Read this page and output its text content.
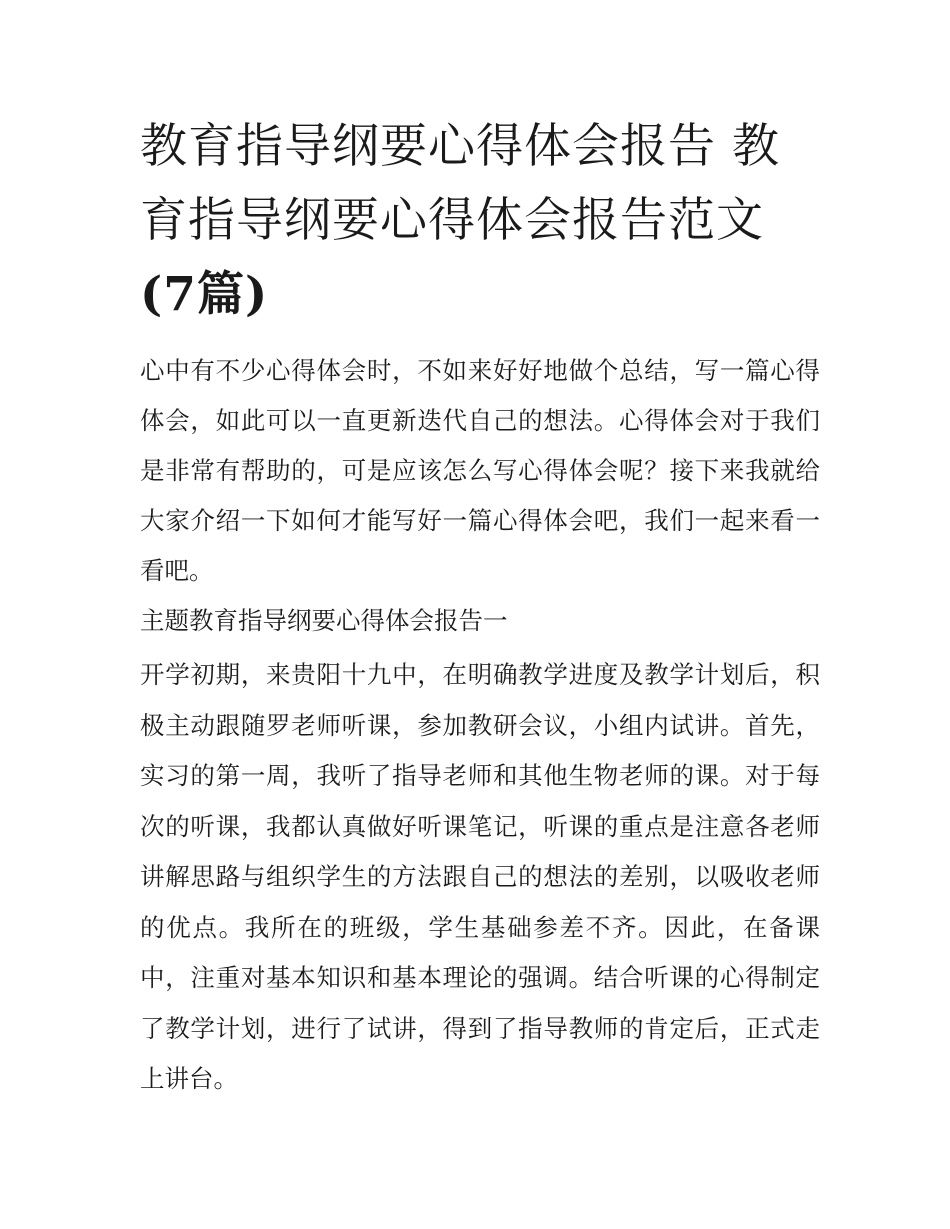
教育指导纲要心得体会报告 教育指导纲要心得体会报告范文
(7篇)

心中有不少心得体会时，不如来好好地做个总结，写一篇心得体会，如此可以一直更新迭代自己的想法。心得体会对于我们是非常有帮助的，可是应该怎么写心得体会呢？接下来我就给大家介绍一下如何才能写好一篇心得体会吧，我们一起来看一看吧。

主题教育指导纲要心得体会报告一

开学初期，来贵阳十九中，在明确教学进度及教学计划后，积极主动跟随罗老师听课，参加教研会议，小组内试讲。首先，实习的第一周，我听了指导老师和其他生物老师的课。对于每次的听课，我都认真做好听课笔记，听课的重点是注意各老师讲解思路与组织学生的方法跟自己的想法的差别，以吸收老师的优点。我所在的班级，学生基础参差不齐。因此，在备课中，注重对基本知识和基本理论的强调。结合听课的心得制定了教学计划，进行了试讲，得到了指导教师的肯定后，正式走上讲台。
